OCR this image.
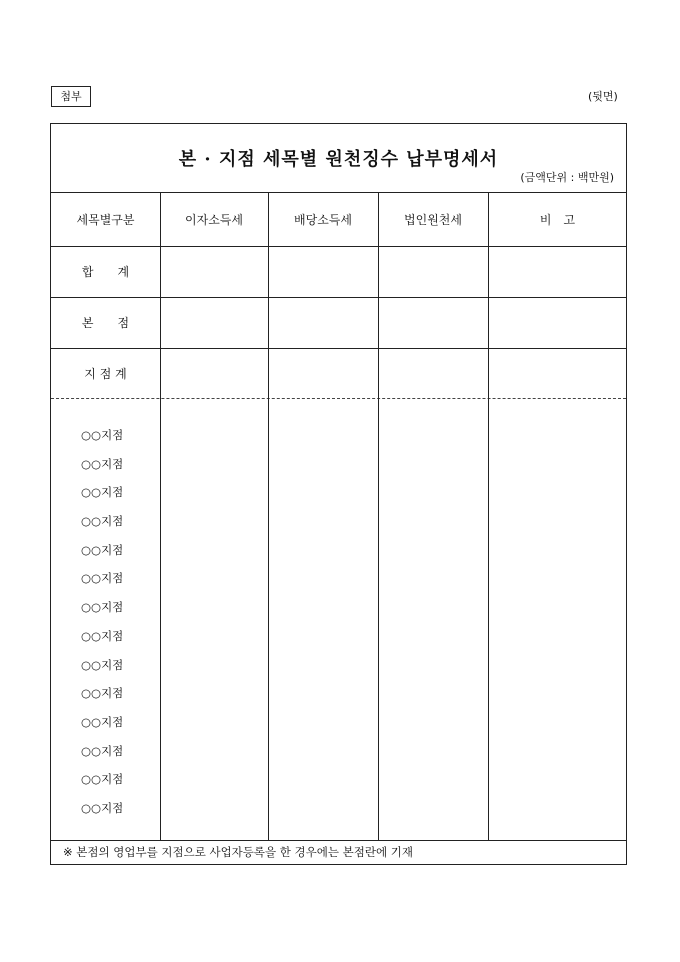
첨부	(뒷면)
본 · 지점 세목별 원천징수 납부명세서
(금액단위 : 백만원)
세목별구분	이자소득세	배당소득세	법인원천세	비　고
합　　계
본　　점
지 점 계
○○지점
○○지점
○○지점
○○지점
○○지점
○○지점
○○지점
○○지점
○○지점
○○지점
○○지점
○○지점
○○지점
○○지점
※ 본점의 영업부를 지점으로 사업자등록을 한 경우에는 본점란에 기재
